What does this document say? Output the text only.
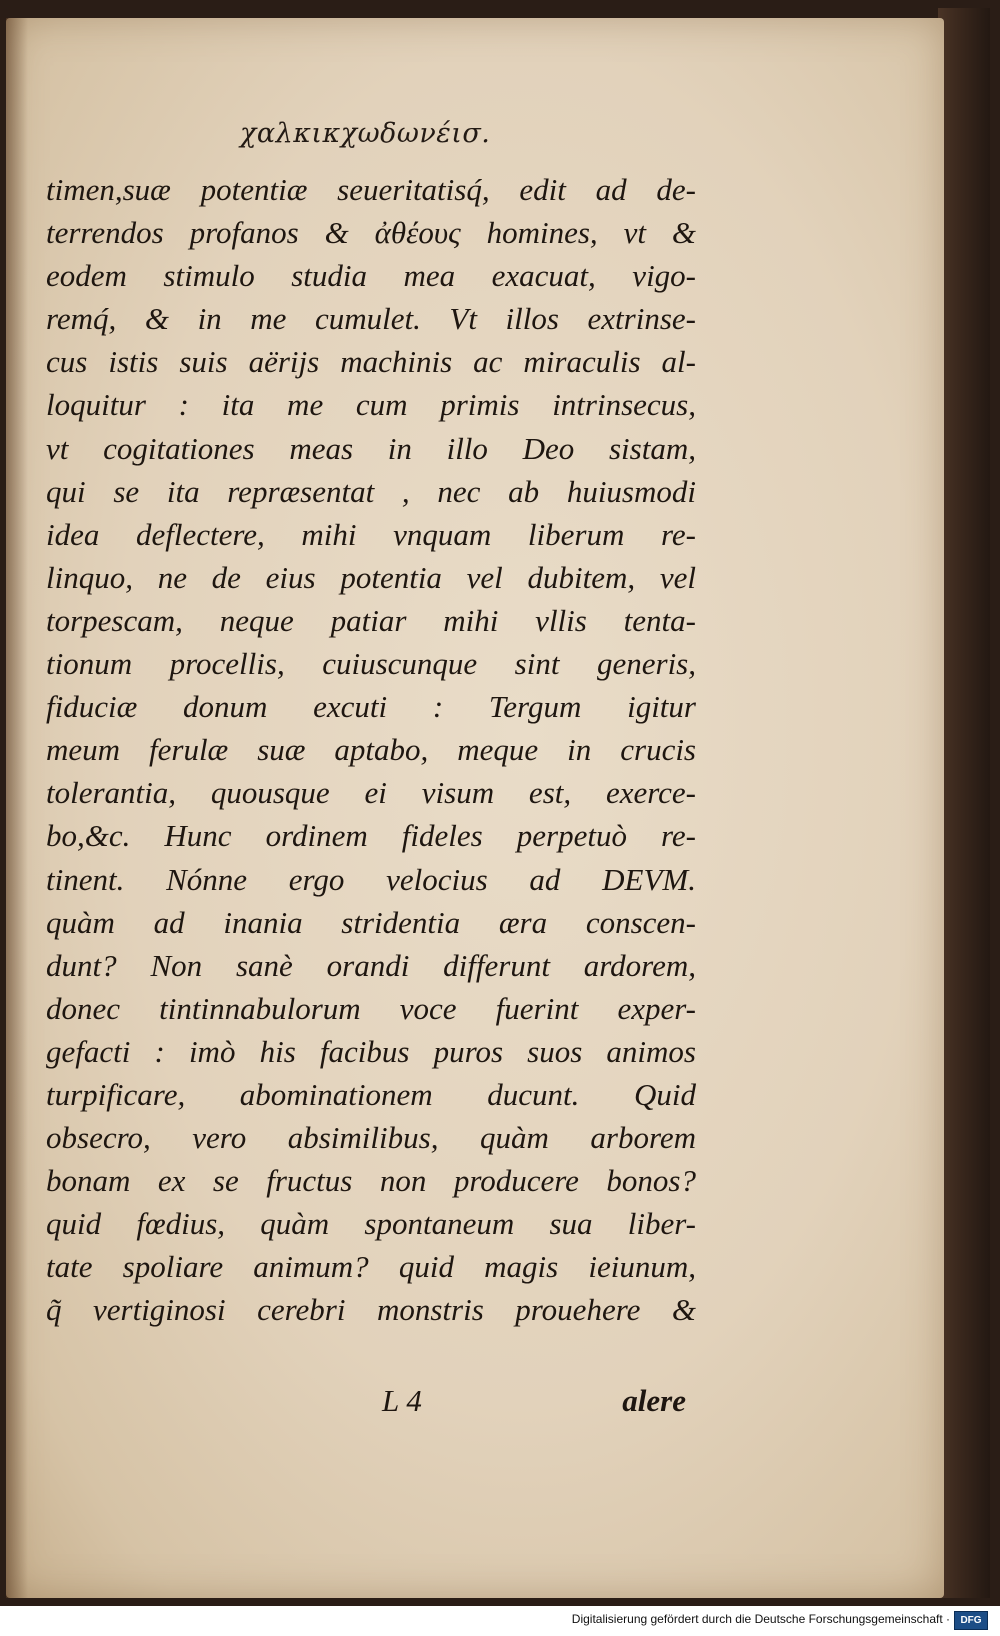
χαλκικχωδωνέισ.
timen,suæ potentiæ seueritatisq́, edit ad de-
terrendos profanos & ἀθέους homines, vt &
eodem stimulo studia mea exacuat, vigo-
remq́, & in me cumulet. Vt illos extrinse-
cus istis suis aërijs machinis ac miraculis al-
loquitur : ita me cum primis intrinsecus,
vt cogitationes meas in illo Deo sistam,
qui se ita repræsentat , nec ab huiusmodi
idea deflectere, mihi vnquam liberum re-
linquo, ne de eius potentia vel dubitem, vel
torpescam, neque patiar mihi vllis tenta-
tionum procellis, cuiuscunque sint generis,
fiduciæ donum excuti : Tergum igitur
meum ferulæ suæ aptabo, meque in crucis
tolerantia, quousque ei visum est, exerce-
bo,&c. Hunc ordinem fideles perpetuò re-
tinent. Nónne ergo velocius ad DEVM.
quàm ad inania stridentia æra conscen-
dunt? Non sanè orandi differunt ardorem,
donec tintinnabulorum voce fuerint exper-
gefacti : imò his facibus puros suos animos
turpificare, abominationem ducunt. Quid
obsecro, vero absimilibus, quàm arborem
bonam ex se fructus non producere bonos?
quid fœdius, quàm spontaneum sua liber-
tate spoliare animum? quid magis ieiunum,
q̃ vertiginosi cerebri monstris prouehere &
L 4	alere
Digitalisierung gefördert durch die Deutsche Forschungsgemeinschaft ·	DFG
